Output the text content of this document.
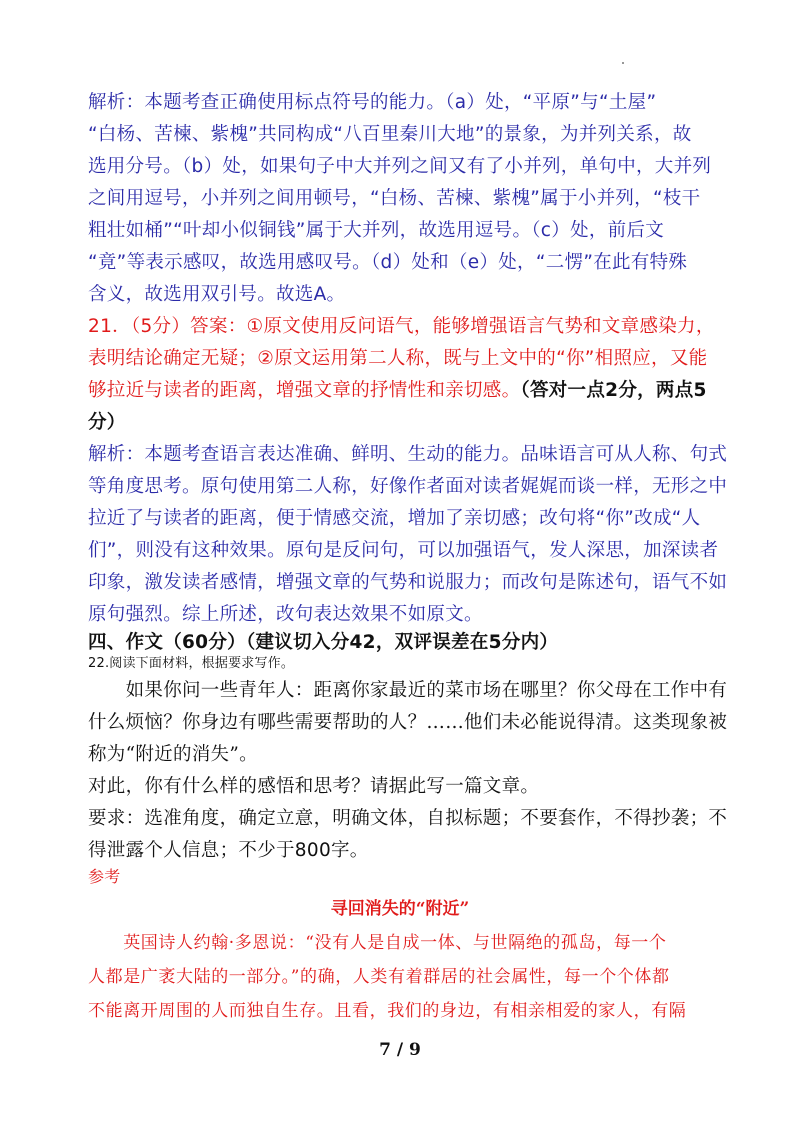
解析：本题考查正确使用标点符号的能力。（a）处，“平原”与“土屋”
“白杨、苦楝、紫槐”共同构成“八百里秦川大地”的景象，为并列关系，故
选用分号。（b）处，如果句子中大并列之间又有了小并列，单句中，大并列
之间用逗号，小并列之间用顿号，“白杨、苦楝、紫槐”属于小并列，“枝干
粗壮如桶”“叶却小似铜钱”属于大并列，故选用逗号。（c）处，前后文
“竟”等表示感叹，故选用感叹号。（d）处和（e）处，“二愣”在此有特殊
含义，故选用双引号。故选A。
21．（5分）答案：①原文使用反问语气，能够增强语言气势和文章感染力，
表明结论确定无疑；②原文运用第二人称，既与上文中的“你”相照应，又能
够拉近与读者的距离，增强文章的抒情性和亲切感。（答对一点2分，两点5
分）
解析：本题考查语言表达准确、鲜明、生动的能力。品味语言可从人称、句式
等角度思考。原句使用第二人称，好像作者面对读者娓娓而谈一样，无形之中
拉近了与读者的距离，便于情感交流，增加了亲切感；改句将“你”改成“人
们”，则没有这种效果。原句是反问句，可以加强语气，发人深思，加深读者
印象，激发读者感情，增强文章的气势和说服力；而改句是陈述句，语气不如
原句强烈。综上所述，改句表达效果不如原文。
四、作文（60分）（建议切入分42，双评误差在5分内）
22.阅读下面材料，根据要求写作。
　　如果你问一些青年人：距离你家最近的菜市场在哪里？你父母在工作中有
什么烦恼？你身边有哪些需要帮助的人？……他们未必能说得清。这类现象被
称为“附近的消失”。
对此，你有什么样的感悟和思考？请据此写一篇文章。
要求：选准角度，确定立意，明确文体，自拟标题；不要套作，不得抄袭；不
得泄露个人信息；不少于800字。
参考
寻回消失的“附近”
　　英国诗人约翰·多恩说：“没有人是自成一体、与世隔绝的孤岛，每一个
人都是广袤大陆的一部分。”的确，人类有着群居的社会属性，每一个个体都
不能离开周围的人而独自生存。且看，我们的身边，有相亲相爱的家人，有隔
7 / 9
